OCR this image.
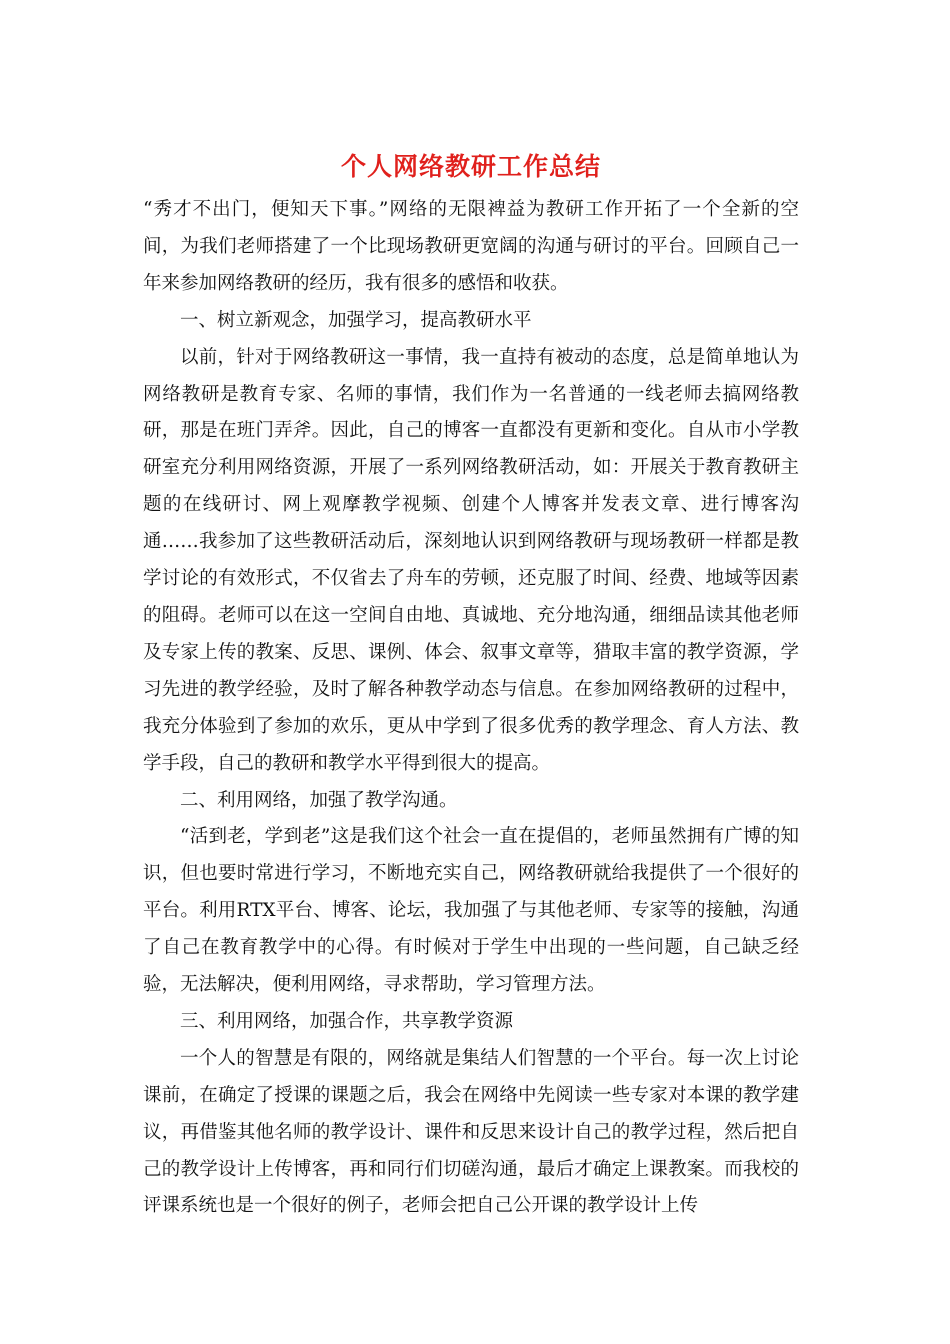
个人网络教研工作总结

“秀才不出门，便知天下事。”网络的无限裨益为教研工作开拓了一个全新的空间，为我们老师搭建了一个比现场教研更宽阔的沟通与研讨的平台。回顾自己一年来参加网络教研的经历，我有很多的感悟和收获。

一、树立新观念，加强学习，提高教研水平

以前，针对于网络教研这一事情，我一直持有被动的态度，总是简单地认为网络教研是教育专家、名师的事情，我们作为一名普通的一线老师去搞网络教研，那是在班门弄斧。因此，自己的博客一直都没有更新和变化。自从市小学教研室充分利用网络资源，开展了一系列网络教研活动，如：开展关于教育教研主题的在线研讨、网上观摩教学视频、创建个人博客并发表文章、进行博客沟通……我参加了这些教研活动后，深刻地认识到网络教研与现场教研一样都是教学讨论的有效形式，不仅省去了舟车的劳顿，还克服了时间、经费、地域等因素的阻碍。老师可以在这一空间自由地、真诚地、充分地沟通，细细品读其他老师及专家上传的教案、反思、课例、体会、叙事文章等，猎取丰富的教学资源，学习先进的教学经验，及时了解各种教学动态与信息。在参加网络教研的过程中，我充分体验到了参加的欢乐，更从中学到了很多优秀的教学理念、育人方法、教学手段，自己的教研和教学水平得到很大的提高。

二、利用网络，加强了教学沟通。

“活到老，学到老”这是我们这个社会一直在提倡的，老师虽然拥有广博的知识，但也要时常进行学习，不断地充实自己，网络教研就给我提供了一个很好的平台。利用RTX平台、博客、论坛，我加强了与其他老师、专家等的接触，沟通了自己在教育教学中的心得。有时候对于学生中出现的一些问题，自己缺乏经验，无法解决，便利用网络，寻求帮助，学习管理方法。

三、利用网络，加强合作，共享教学资源

一个人的智慧是有限的，网络就是集结人们智慧的一个平台。每一次上讨论课前，在确定了授课的课题之后，我会在网络中先阅读一些专家对本课的教学建议，再借鉴其他名师的教学设计、课件和反思来设计自己的教学过程，然后把自己的教学设计上传博客，再和同行们切磋沟通，最后才确定上课教案。而我校的评课系统也是一个很好的例子，老师会把自己公开课的教学设计上传
